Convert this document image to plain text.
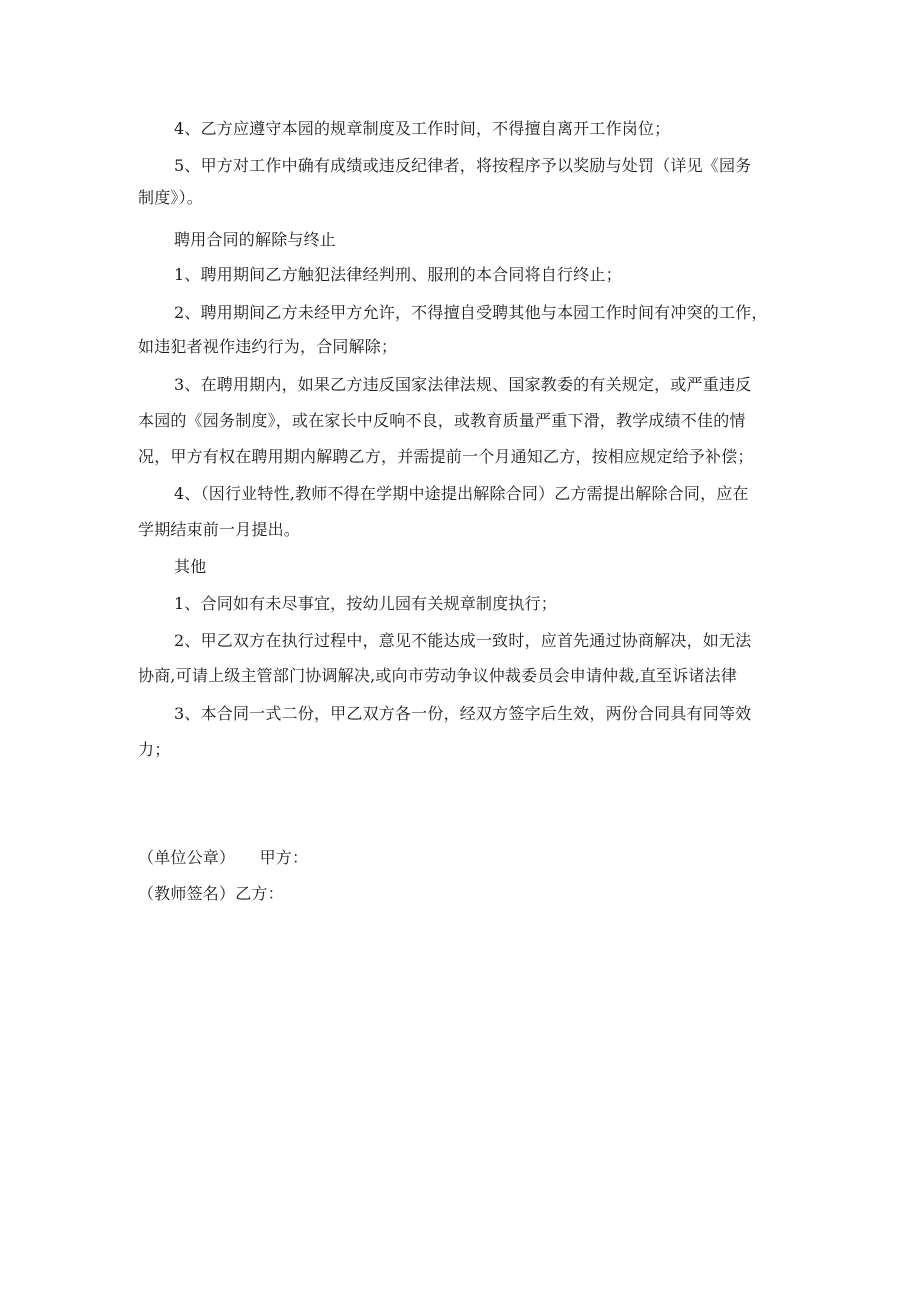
4、乙方应遵守本园的规章制度及工作时间，不得擅自离开工作岗位；
5、甲方对工作中确有成绩或违反纪律者，将按程序予以奖励与处罚（详见《园务
制度》）。
聘用合同的解除与终止
1、聘用期间乙方触犯法律经判刑、服刑的本合同将自行终止；
2、聘用期间乙方未经甲方允许，不得擅自受聘其他与本园工作时间有冲突的工作，
如违犯者视作违约行为，合同解除；
3、在聘用期内，如果乙方违反国家法律法规、国家教委的有关规定，或严重违反
本园的《园务制度》，或在家长中反响不良，或教育质量严重下滑，教学成绩不佳的情
况，甲方有权在聘用期内解聘乙方，并需提前一个月通知乙方，按相应规定给予补偿；
4、（因行业特性,教师不得在学期中途提出解除合同）乙方需提出解除合同，应在
学期结束前一月提出。
其他
1、合同如有未尽事宜，按幼儿园有关规章制度执行；
2、甲乙双方在执行过程中，意见不能达成一致时，应首先通过协商解决，如无法
协商,可请上级主管部门协调解决,或向市劳动争议仲裁委员会申请仲裁,直至诉诸法律
3、本合同一式二份，甲乙双方各一份，经双方签字后生效，两份合同具有同等效
力；
（单位公章）　　甲方：
（教师签名）乙方：
